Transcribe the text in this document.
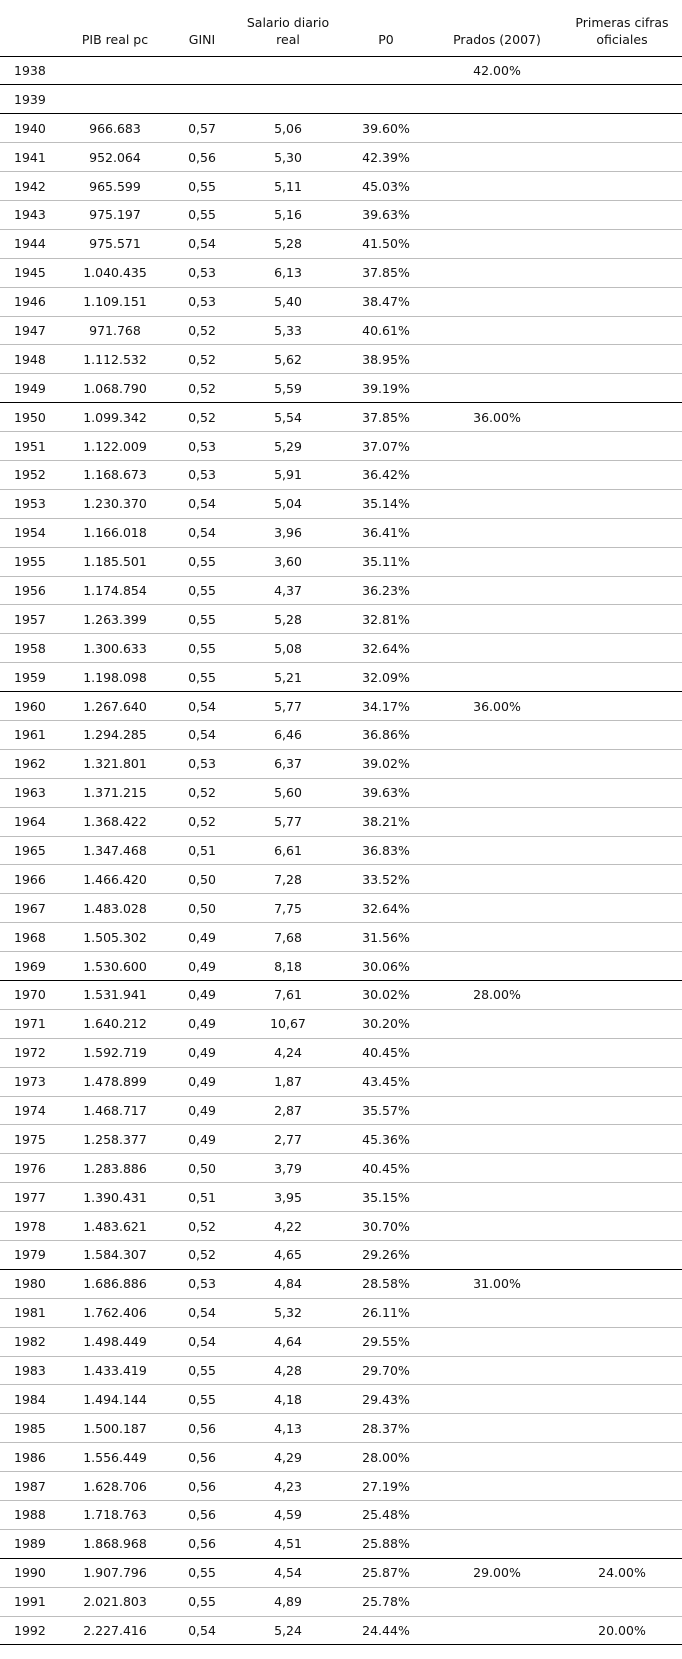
	PIB real pc	GINI	Salario diario real	P0	Prados (2007)	Primeras cifras oficiales
1938					42.00%	
1939						
1940	966.683	0,57	5,06	39.60%		
1941	952.064	0,56	5,30	42.39%		
1942	965.599	0,55	5,11	45.03%		
1943	975.197	0,55	5,16	39.63%		
1944	975.571	0,54	5,28	41.50%		
1945	1.040.435	0,53	6,13	37.85%		
1946	1.109.151	0,53	5,40	38.47%		
1947	971.768	0,52	5,33	40.61%		
1948	1.112.532	0,52	5,62	38.95%		
1949	1.068.790	0,52	5,59	39.19%		
1950	1.099.342	0,52	5,54	37.85%	36.00%	
1951	1.122.009	0,53	5,29	37.07%		
1952	1.168.673	0,53	5,91	36.42%		
1953	1.230.370	0,54	5,04	35.14%		
1954	1.166.018	0,54	3,96	36.41%		
1955	1.185.501	0,55	3,60	35.11%		
1956	1.174.854	0,55	4,37	36.23%		
1957	1.263.399	0,55	5,28	32.81%		
1958	1.300.633	0,55	5,08	32.64%		
1959	1.198.098	0,55	5,21	32.09%		
1960	1.267.640	0,54	5,77	34.17%	36.00%	
1961	1.294.285	0,54	6,46	36.86%		
1962	1.321.801	0,53	6,37	39.02%		
1963	1.371.215	0,52	5,60	39.63%		
1964	1.368.422	0,52	5,77	38.21%		
1965	1.347.468	0,51	6,61	36.83%		
1966	1.466.420	0,50	7,28	33.52%		
1967	1.483.028	0,50	7,75	32.64%		
1968	1.505.302	0,49	7,68	31.56%		
1969	1.530.600	0,49	8,18	30.06%		
1970	1.531.941	0,49	7,61	30.02%	28.00%	
1971	1.640.212	0,49	10,67	30.20%		
1972	1.592.719	0,49	4,24	40.45%		
1973	1.478.899	0,49	1,87	43.45%		
1974	1.468.717	0,49	2,87	35.57%		
1975	1.258.377	0,49	2,77	45.36%		
1976	1.283.886	0,50	3,79	40.45%		
1977	1.390.431	0,51	3,95	35.15%		
1978	1.483.621	0,52	4,22	30.70%		
1979	1.584.307	0,52	4,65	29.26%		
1980	1.686.886	0,53	4,84	28.58%	31.00%	
1981	1.762.406	0,54	5,32	26.11%		
1982	1.498.449	0,54	4,64	29.55%		
1983	1.433.419	0,55	4,28	29.70%		
1984	1.494.144	0,55	4,18	29.43%		
1985	1.500.187	0,56	4,13	28.37%		
1986	1.556.449	0,56	4,29	28.00%		
1987	1.628.706	0,56	4,23	27.19%		
1988	1.718.763	0,56	4,59	25.48%		
1989	1.868.968	0,56	4,51	25.88%		
1990	1.907.796	0,55	4,54	25.87%	29.00%	24.00%
1991	2.021.803	0,55	4,89	25.78%		
1992	2.227.416	0,54	5,24	24.44%		20.00%
